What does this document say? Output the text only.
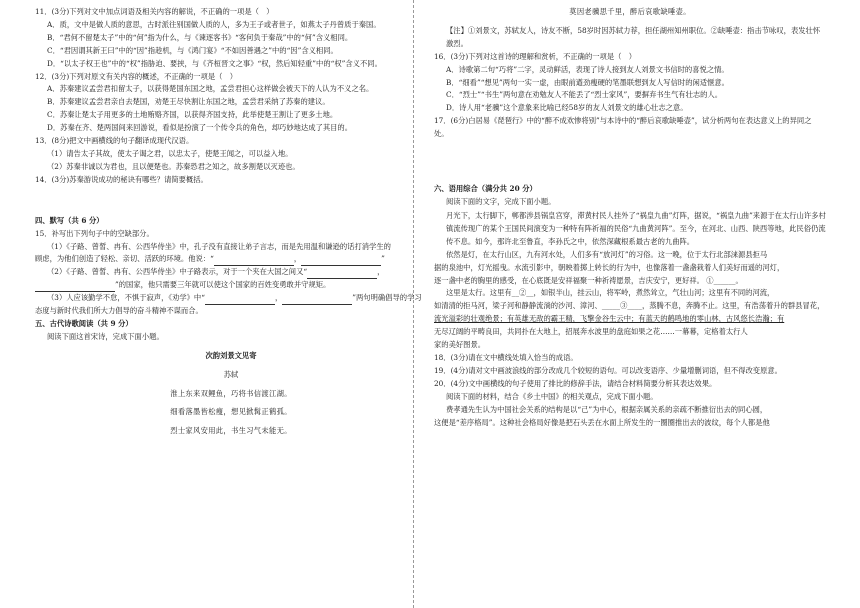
11．(3分)下列对文中加点词语及相关内容的解说，不正确的一项是（　）

A．质，文中是做人质的意思，古时派往别国做人质的人，多为王子或者世子，如燕太子丹曾质于秦国。

B．“君何不留楚太子”中的“何”指为什么，与《谏逐客书》“客何负于秦哉”中的“何”含义相同。

C．“君因谓其新王曰”中的“因”指趁机，与《鸿门宴》“不如因善遇之”中的“因”含义相同。

D．“以太子权王也”中的“权”指胁迫、要挟，与《齐桓晋文之事》“权，然后知轻重”中的“权”含义不同。

12．(3分)下列对原文有关内容的概述，不正确的一项是（　）

A．苏秦建议孟尝君扣留太子，以获得楚国东国之地，孟尝君担心这样做会被天下的人认为不义之名。

B．苏秦建议孟尝君亲自去楚国，劝楚王尽快割让东国之地，孟尝君采纳了苏秦的建议。

C．苏秦让楚太子用更多的土地贿赂齐国，以获得齐国支持，此举使楚王割让了更多土地。

D．苏秦在齐、楚两国间来回游说，看似是扮演了一个传令兵的角色，却巧妙地达成了其目的。

13．(8分)把文中画横线的句子翻译成现代汉语。

（1）请告太子其故，使太子谒之君，以忠太子，使楚王闻之，可以益入地。

（2）苏秦非诚以为君也，且以便楚也。苏秦恐君之知之，故多割楚以灭迹也。

14．(3分)苏秦游说成功的秘诀有哪些？请简要概括。

四、默写（共 6 分）

15．补写出下列句子中的空缺部分。

（1）《子路、曾皙、冉有、公西华侍坐》中，孔子没有直接让弟子言志，而是先用温和谦逊的话打消学生的

顾虑，为他们创造了轻松、亲切、活跃的环境。他说：“	，	”

（2）《子路、曾皙、冉有、公西华侍坐》中子路表示，对于一个夹在大国之间又“	，

”的国家，他只需要三年就可以使这个国家的百姓变勇敢并守规矩。

（3）人应该勤学不怠，不惧于寂声，《劝学》中“	，	”两句明确倡导的学习

态度与新时代我们所大力倡导的奋斗精神不谋而合。

五、古代诗歌阅读（共 9 分）

阅读下面这首宋诗，完成下面小题。

次韵刘景文见寄

苏轼

淮上东来双鲤鱼，巧将书信渡江湖。

细看落墨皆松瘦，想见掀髯正鹤孤。

烈士家风安用此，书生习气未能无。

莫因老骥思千里，醉后哀歌缺唾壶。

【注】①刘景文，苏轼友人，诗友不断，58岁时因苏轼力荐，担任湖州知州职位。②缺唾壶：指击节咏叹，表发壮怀激烈。

16．(3分)下列对这首诗的理解和赏析，不正确的一项是（　）

A．诗歌第二句“巧将”二字，灵动鲜活，表现了诗人接到友人刘景文书信时的喜悦之情。

B．“细看”“想见”两句一实一虚，由眼前遒劲瘦硬的笔墨联想到友人写信时的闲适惬意。

C．“烈士”“书生”两句意在劝勉友人不能丢了“烈士家风”，要摒弃书生气有壮志的人。

D．诗人用“老骥”这个意象来比喻已经58岁的友人刘景文的雄心壮志之意。

17．(6分)白居易《琵琶行》中的“醉不成欢惨将别”与本诗中的“醉后哀歌缺唾壶”，试分析两句在表达意义上的异同之处。

六、语用综合（满分共 20 分）

阅读下面的文字，完成下面小题。

月光下，太行脚下，郸都涉县锅皇宫穿，滞黄村民人挂外了“祸皇九曲”灯阵，据说，“祸皇九曲”来源于在太行山许多村镇流传现广的某个王国民间演变为一种特有阵祈福的民俗“九曲黄河阵”。至今，在河北、山西、陕西等地，此民俗仍流传不息。如今，那许北至鲁直，李孙氏之中，依然深藏根系最古老的九曲阵。

依然是灯，在太行山区，九有河水处，人们多有“放河灯”的习俗。这一晚，位于太行北部涞源县拒马

据的泉池中，灯光摇曳。水流引影中，朝映着掷上转长的行为中，也像落着一盏盏栽着人们美好而遥的河灯，

逐一盏中老的胸里的感受，在心底既是安祥福聚一种祈祷愿景，吉庆安宁，更好祥。 ①______。

这里是太行。这里有__②__，如银半山，挂云山，将军岭，煮然耸立，气壮山河；这里有不同的河流，

如清清的拒马河，梁子河和静静流淌的沙河、漳河、_____③____，蒸腾不息，奔腾不止。这里，有浩荡着升的群县冒花，

流光溢彩的壮观绝景；有英雄无敌的霸王精，飞擎金谷生云中；有蓝天的鹤鸣地的零山林，古风悠长浩瀚；有

无尽辽阔的平畴良田，共同扑在大地上，招展奔水波里的盘庭如果之花……一幕幕，定格着太行人

家的美好图景。

18．(3分)请在文中横线处填入恰当的成语。

19．(4分)请对文中画波浪线的部分改成几个较短的语句。可以改变语序、少量增删词语，但不得改变原意。

20．(4分)文中画横线的句子使用了排比的修辞手法，请结合材料简要分析其表达效果。

阅读下面的材料，结合《乡土中国》的相关观点，完成下面小题。

费孝通先生认为中国社会关系的结构是以“己”为中心，根据亲属关系的亲疏不断推衍出去的同心圆，

这便是“差序格局”。这种社会格局好像是把石头丢在水面上所发生的一圈圈推出去的波纹，每个人都是他
